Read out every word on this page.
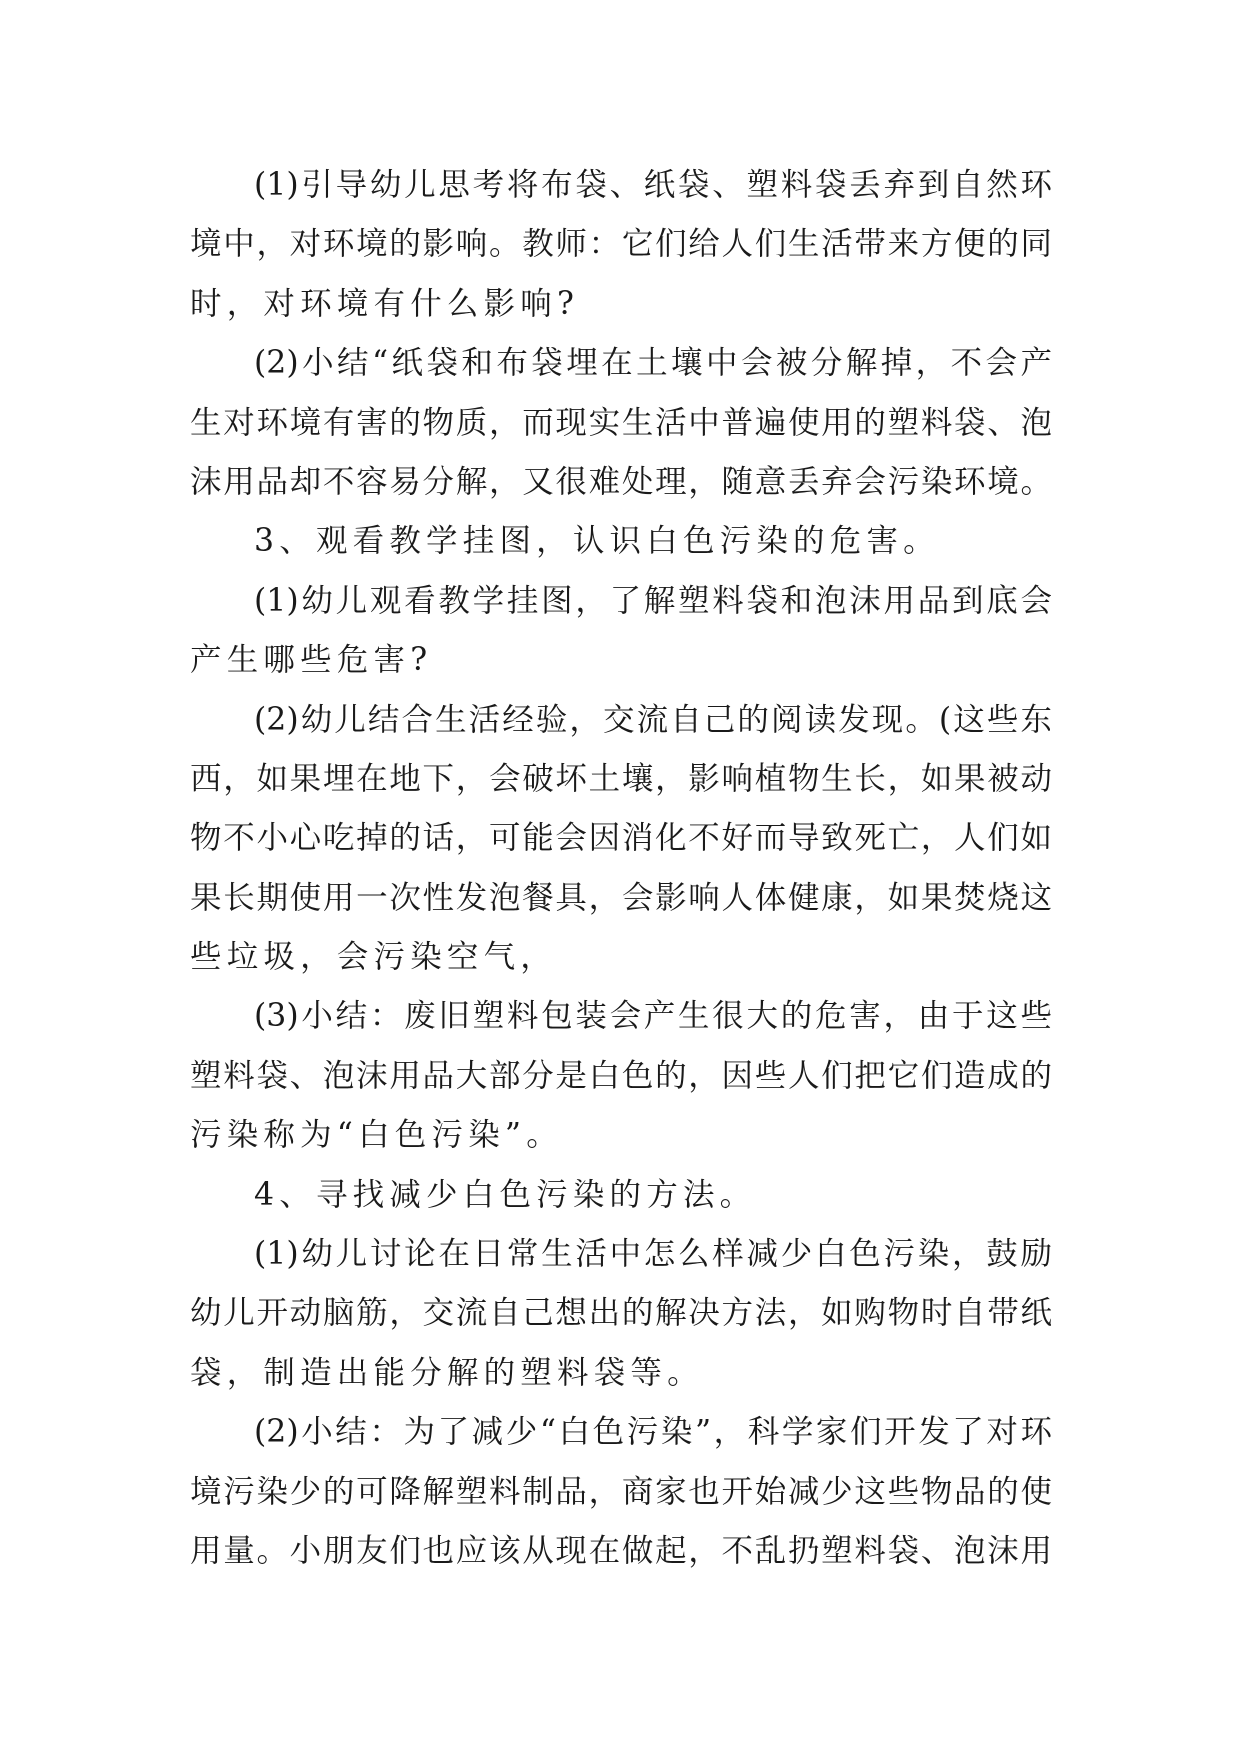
(1)引导幼儿思考将布袋、纸袋、塑料袋丢弃到自然环
境中，对环境的影响。教师：它们给人们生活带来方便的同
时，对环境有什么影响?
(2)小结“纸袋和布袋埋在土壤中会被分解掉，不会产
生对环境有害的物质，而现实生活中普遍使用的塑料袋、泡
沫用品却不容易分解，又很难处理，随意丢弃会污染环境。
3、观看教学挂图，认识白色污染的危害。
(1)幼儿观看教学挂图，了解塑料袋和泡沫用品到底会
产生哪些危害?
(2)幼儿结合生活经验，交流自己的阅读发现。(这些东
西，如果埋在地下，会破坏土壤，影响植物生长，如果被动
物不小心吃掉的话，可能会因消化不好而导致死亡，人们如
果长期使用一次性发泡餐具，会影响人体健康，如果焚烧这
些垃圾，会污染空气，
(3)小结：废旧塑料包装会产生很大的危害，由于这些
塑料袋、泡沫用品大部分是白色的，因些人们把它们造成的
污染称为“白色污染”。
4、寻找减少白色污染的方法。
(1)幼儿讨论在日常生活中怎么样减少白色污染，鼓励
幼儿开动脑筋，交流自己想出的解决方法，如购物时自带纸
袋，制造出能分解的塑料袋等。
(2)小结：为了减少“白色污染”，科学家们开发了对环
境污染少的可降解塑料制品，商家也开始减少这些物品的使
用量。小朋友们也应该从现在做起，不乱扔塑料袋、泡沫用
